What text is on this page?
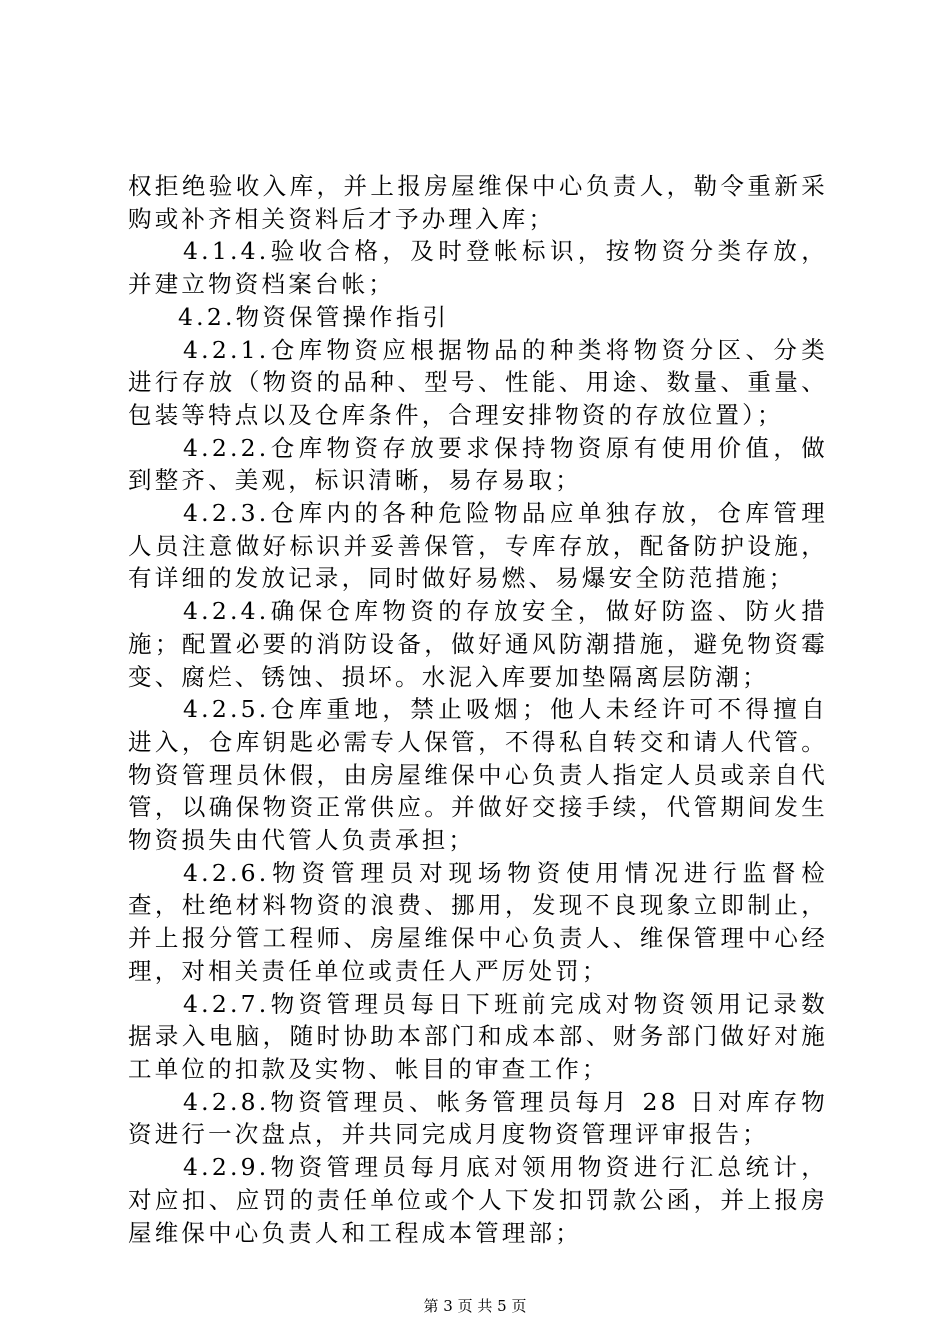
权拒绝验收入库，并上报房屋维保中心负责人，勒令重新采购或补齐相关资料后才予办理入库；

4.1.4.验收合格，及时登帐标识，按物资分类存放，并建立物资档案台帐；

4.2.物资保管操作指引

4.2.1.仓库物资应根据物品的种类将物资分区、分类进行存放（物资的品种、型号、性能、用途、数量、重量、包装等特点以及仓库条件，合理安排物资的存放位置）；

4.2.2.仓库物资存放要求保持物资原有使用价值，做到整齐、美观，标识清晰，易存易取；

4.2.3.仓库内的各种危险物品应单独存放，仓库管理人员注意做好标识并妥善保管，专库存放，配备防护设施，有详细的发放记录，同时做好易燃、易爆安全防范措施；

4.2.4.确保仓库物资的存放安全，做好防盗、防火措施；配置必要的消防设备，做好通风防潮措施，避免物资霉变、腐烂、锈蚀、损坏。水泥入库要加垫隔离层防潮；

4.2.5.仓库重地，禁止吸烟；他人未经许可不得擅自进入，仓库钥匙必需专人保管，不得私自转交和请人代管。物资管理员休假，由房屋维保中心负责人指定人员或亲自代管，以确保物资正常供应。并做好交接手续，代管期间发生物资损失由代管人负责承担；

4.2.6.物资管理员对现场物资使用情况进行监督检查，杜绝材料物资的浪费、挪用，发现不良现象立即制止，并上报分管工程师、房屋维保中心负责人、维保管理中心经理，对相关责任单位或责任人严厉处罚；

4.2.7.物资管理员每日下班前完成对物资领用记录数据录入电脑，随时协助本部门和成本部、财务部门做好对施工单位的扣款及实物、帐目的审查工作；

4.2.8.物资管理员、帐务管理员每月 28 日对库存物资进行一次盘点，并共同完成月度物资管理评审报告；

4.2.9.物资管理员每月底对领用物资进行汇总统计，对应扣、应罚的责任单位或个人下发扣罚款公函，并上报房屋维保中心负责人和工程成本管理部；

第 3 页 共 5 页
